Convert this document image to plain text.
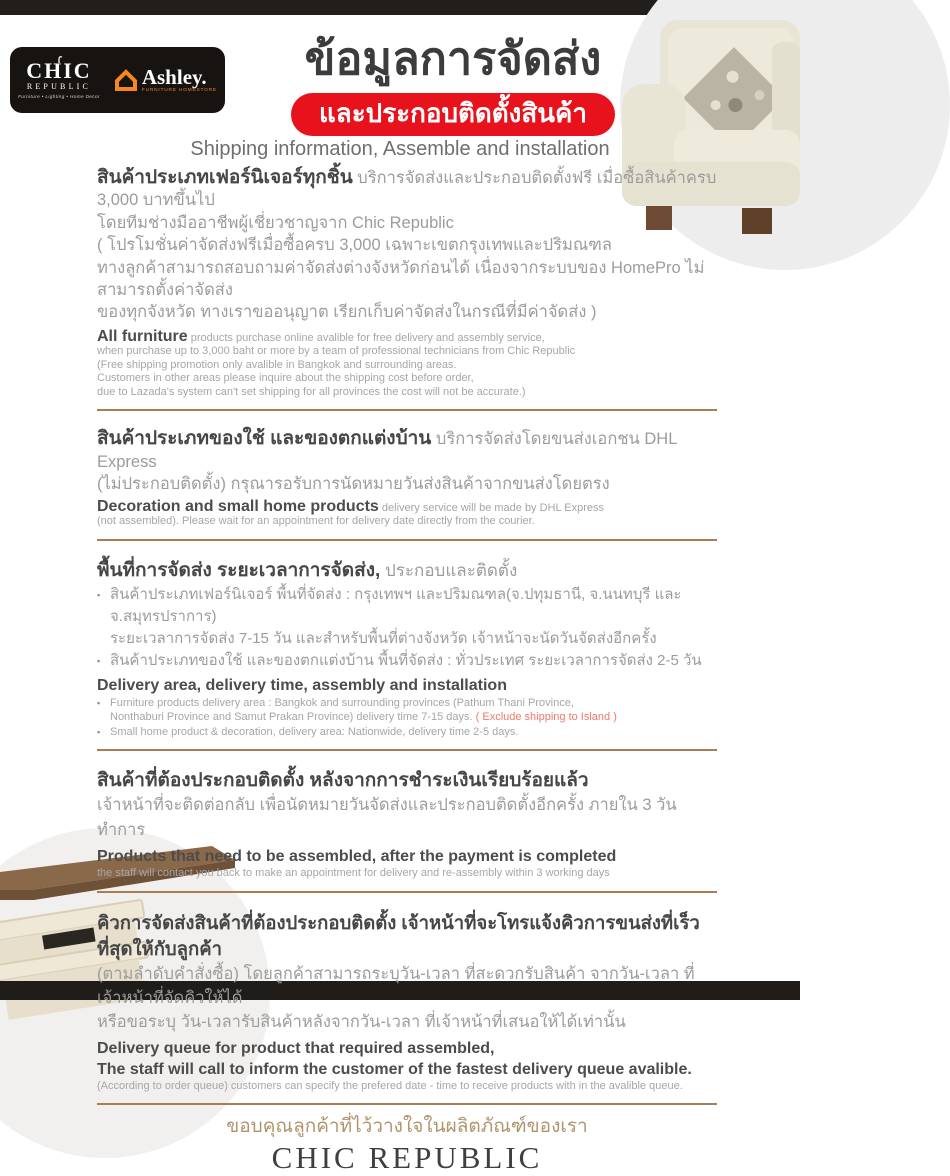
CHIC
REPUBLIC
Furniture • Lighting • Home Decor
Ashley.
FURNITURE HOMESTORE
ข้อมูลการจัดส่ง
และประกอบติดตั้งสินค้า
Shipping information, Assemble and installation
สินค้าประเภทเฟอร์นิเจอร์ทุกชิ้น บริการจัดส่งและประกอบติดตั้งฟรี เมื่อซื้อสินค้าครบ 3,000 บาทขึ้นไป
โดยทีมช่างมืออาชีพผู้เชี่ยวชาญจาก Chic Republic
( โปรโมชั่นค่าจัดส่งฟรีเมื่อซื้อครบ 3,000 เฉพาะเขตกรุงเทพและปริมณฑล
ทางลูกค้าสามารถสอบถามค่าจัดส่งต่างจังหวัดก่อนได้ เนื่องจากระบบของ HomePro ไม่สามารถตั้งค่าจัดส่ง
ของทุกจังหวัด ทางเราขออนุญาต เรียกเก็บค่าจัดส่งในกรณีที่มีค่าจัดส่ง )
All furniture products purchase online avalible for free delivery and assembly service,
when purchase up to 3,000 baht or more by a team of professional technicians from Chic Republic
(Free shipping promotion only avalible in Bangkok and surrounding areas.
Customers in other areas please inquire about the shipping cost before order,
due to Lazada's system can't set shipping for all provinces the cost will not be accurate.)
สินค้าประเภทของใช้ และของตกแต่งบ้าน บริการจัดส่งโดยขนส่งเอกชน DHL Express
(ไม่ประกอบติดตั้ง) กรุณารอรับการนัดหมายวันส่งสินค้าจากขนส่งโดยตรง
Decoration and small home products delivery service will be made by DHL Express
(not assembled). Please wait for an appointment for delivery date directly from the courier.
พื้นที่การจัดส่ง ระยะเวลาการจัดส่ง, ประกอบและติดตั้ง
▪ สินค้าประเภทเฟอร์นิเจอร์ พื้นที่จัดส่ง : กรุงเทพฯ และปริมณฑล(จ.ปทุมธานี, จ.นนทบุรี และ จ.สมุทรปราการ)
ระยะเวลาการจัดส่ง 7-15 วัน และสำหรับพื้นที่ต่างจังหวัด เจ้าหน้าจะนัดวันจัดส่งอีกครั้ง
▪ สินค้าประเภทของใช้ และของตกแต่งบ้าน พื้นที่จัดส่ง : ทั่วประเทศ ระยะเวลาการจัดส่ง 2-5 วัน
Delivery area, delivery time, assembly and installation
▪ Furniture products delivery area : Bangkok and surrounding provinces (Pathum Thani Province,
Nonthaburi Province and Samut Prakan Province) delivery time 7-15 days. ( Exclude shipping to Island )
▪ Small home product & decoration, delivery area: Nationwide, delivery time 2-5 days.
สินค้าที่ต้องประกอบติดตั้ง หลังจากการชำระเงินเรียบร้อยแล้ว
เจ้าหน้าที่จะติดต่อกลับ เพื่อนัดหมายวันจัดส่งและประกอบติดตั้งอีกครั้ง ภายใน 3 วันทำการ
Products that need to be assembled, after the payment is completed
the staff will contact you back to make an appointment for delivery and re-assembly within 3 working days
คิวการจัดส่งสินค้าที่ต้องประกอบติดตั้ง เจ้าหน้าที่จะโทรแจ้งคิวการขนส่งที่เร็วที่สุดให้กับลูกค้า
(ตามลำดับคำสั่งซื้อ) โดยลูกค้าสามารถระบุวัน-เวลา ที่สะดวกรับสินค้า จากวัน-เวลา ที่เจ้าหน้าที่จัดคิวให้ได้
หรือขอระบุ วัน-เวลารับสินค้าหลังจากวัน-เวลา ที่เจ้าหน้าที่เสนอให้ได้เท่านั้น
Delivery queue for product that required assembled,
The staff will call to inform the customer of the fastest delivery queue avalible.
(According to order queue) customers can specify the prefered date - time to receive products with in the avalible queue.
ขอบคุณลูกค้าที่ไว้วางใจในผลิตภัณฑ์ของเรา
CHIC REPUBLIC
